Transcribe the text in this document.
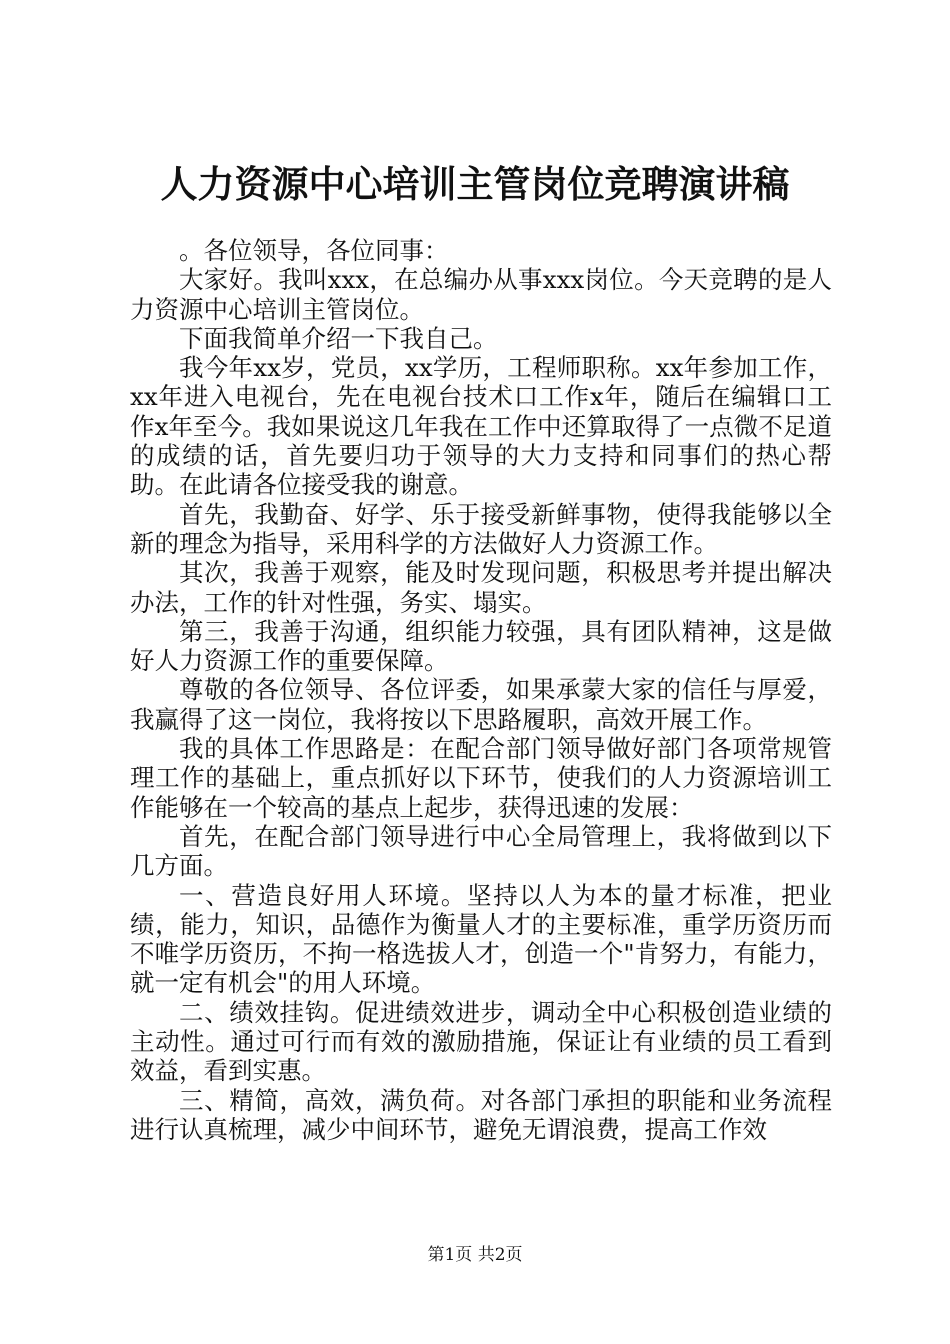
人力资源中心培训主管岗位竞聘演讲稿

。各位领导，各位同事：

大家好。我叫xxx，在总编办从事xxx岗位。今天竞聘的是人力资源中心培训主管岗位。

下面我简单介绍一下我自己。

我今年xx岁，党员，xx学历，工程师职称。xx年参加工作，xx年进入电视台，先在电视台技术口工作x年，随后在编辑口工作x年至今。我如果说这几年我在工作中还算取得了一点微不足道的成绩的话，首先要归功于领导的大力支持和同事们的热心帮助。在此请各位接受我的谢意。

首先，我勤奋、好学、乐于接受新鲜事物，使得我能够以全新的理念为指导，采用科学的方法做好人力资源工作。

其次，我善于观察，能及时发现问题，积极思考并提出解决办法，工作的针对性强，务实、塌实。

第三，我善于沟通，组织能力较强，具有团队精神，这是做好人力资源工作的重要保障。

尊敬的各位领导、各位评委，如果承蒙大家的信任与厚爱，我赢得了这一岗位，我将按以下思路履职，高效开展工作。

我的具体工作思路是：在配合部门领导做好部门各项常规管理工作的基础上，重点抓好以下环节，使我们的人力资源培训工作能够在一个较高的基点上起步，获得迅速的发展：

首先，在配合部门领导进行中心全局管理上，我将做到以下几方面。

一、营造良好用人环境。坚持以人为本的量才标准，把业绩，能力，知识，品德作为衡量人才的主要标准，重学历资历而不唯学历资历，不拘一格选拔人才，创造一个"肯努力，有能力，就一定有机会"的用人环境。

二、绩效挂钩。促进绩效进步，调动全中心积极创造业绩的主动性。通过可行而有效的激励措施，保证让有业绩的员工看到效益，看到实惠。

三、精简，高效，满负荷。对各部门承担的职能和业务流程进行认真梳理，减少中间环节，避免无谓浪费，提高工作效

第1页 共2页
